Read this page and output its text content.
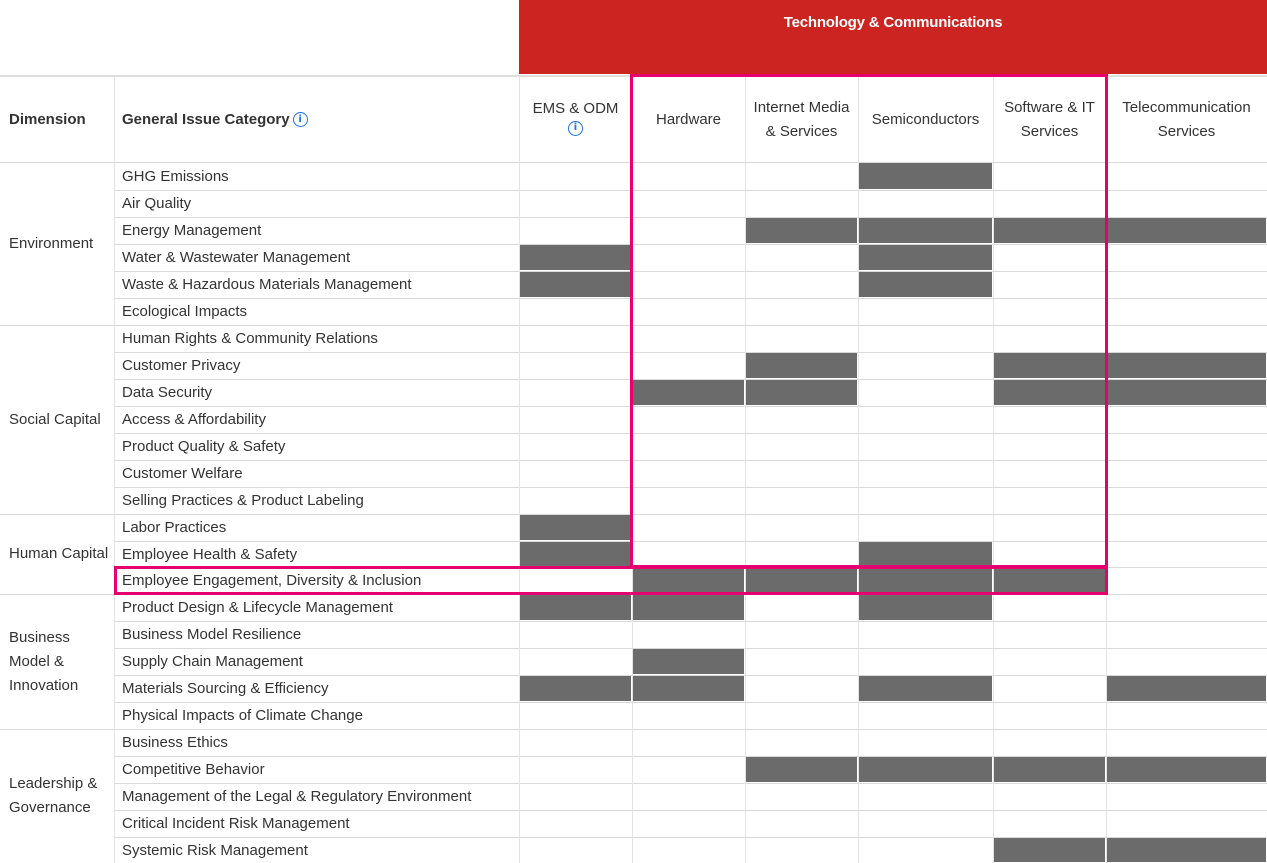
Technology & Communications
Dimension	General Issue Category i
EMS & ODM
i	Hardware
Internet Media & Services
Semiconductors
Software & IT Services
Telecommunication Services
GHG Emissions
Air Quality
Energy Management
Water & Wastewater Management
Waste & Hazardous Materials Management
Ecological Impacts
Human Rights & Community Relations
Customer Privacy
Data Security
Access & Affordability
Product Quality & Safety
Customer Welfare
Selling Practices & Product Labeling
Labor Practices
Employee Health & Safety
Employee Engagement, Diversity & Inclusion
Product Design & Lifecycle Management
Business Model Resilience
Supply Chain Management
Materials Sourcing & Efficiency
Physical Impacts of Climate Change
Business Ethics
Competitive Behavior
Management of the Legal & Regulatory Environment
Critical Incident Risk Management
Systemic Risk Management
Environment
Social Capital
Human Capital
Business Model & Innovation
Leadership & Governance
